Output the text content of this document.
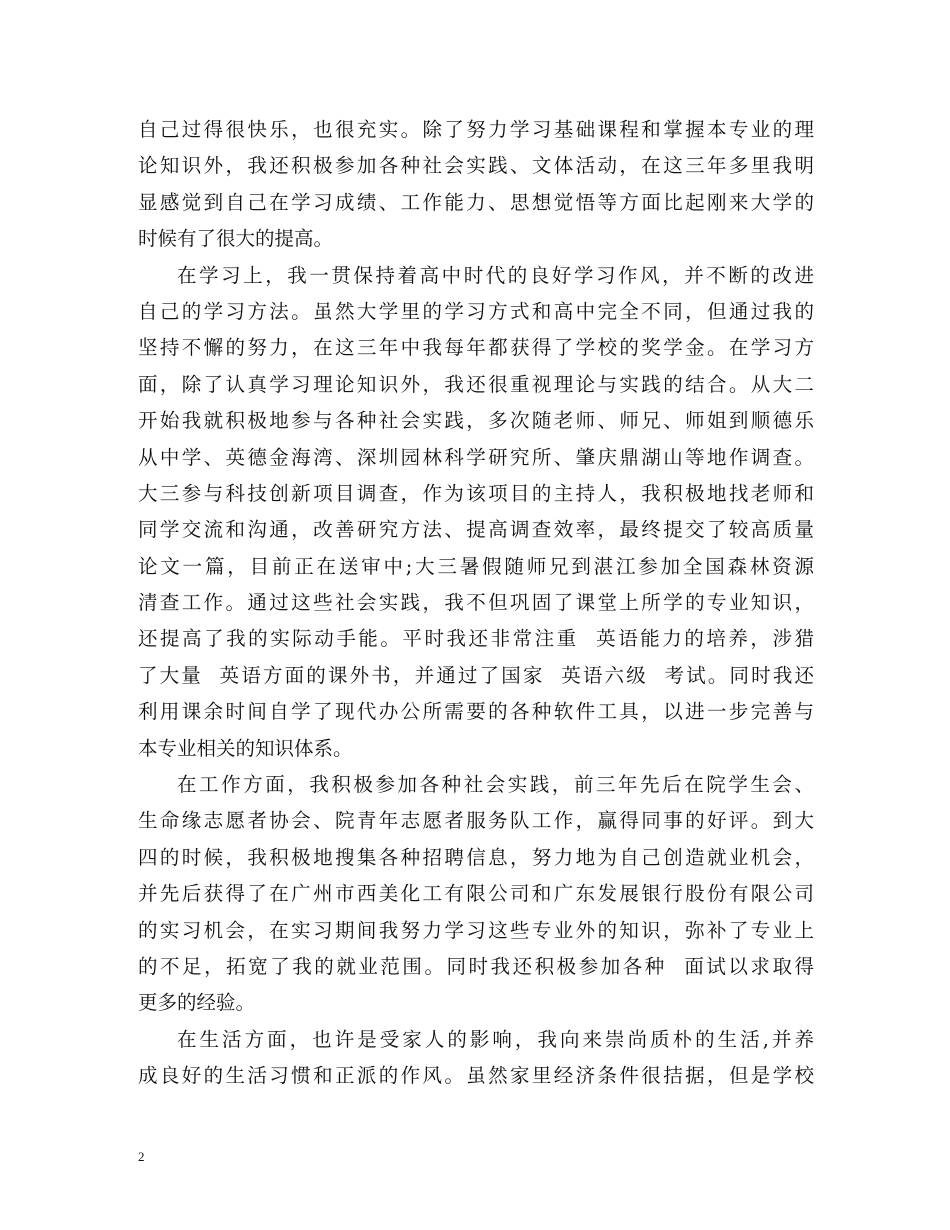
自己过得很快乐，也很充实。除了努力学习基础课程和掌握本专业的理
论知识外，我还积极参加各种社会实践、文体活动，在这三年多里我明
显感觉到自己在学习成绩、工作能力、思想觉悟等方面比起刚来大学的
时候有了很大的提高。
在学习上，我一贯保持着高中时代的良好学习作风，并不断的改进
自己的学习方法。虽然大学里的学习方式和高中完全不同，但通过我的
坚持不懈的努力，在这三年中我每年都获得了学校的奖学金。在学习方
面，除了认真学习理论知识外，我还很重视理论与实践的结合。从大二
开始我就积极地参与各种社会实践，多次随老师、师兄、师姐到顺德乐
从中学、英德金海湾、深圳园林科学研究所、肇庆鼎湖山等地作调查。
大三参与科技创新项目调查，作为该项目的主持人，我积极地找老师和
同学交流和沟通，改善研究方法、提高调查效率，最终提交了较高质量
论文一篇，目前正在送审中;大三暑假随师兄到湛江参加全国森林资源
清查工作。通过这些社会实践，我不但巩固了课堂上所学的专业知识，
还提高了我的实际动手能。平时我还非常注重  英语能力的培养，涉猎
了大量  英语方面的课外书，并通过了国家  英语六级  考试。同时我还
利用课余时间自学了现代办公所需要的各种软件工具，以进一步完善与
本专业相关的知识体系。
在工作方面，我积极参加各种社会实践，前三年先后在院学生会、
生命缘志愿者协会、院青年志愿者服务队工作，赢得同事的好评。到大
四的时候，我积极地搜集各种招聘信息，努力地为自己创造就业机会，
并先后获得了在广州市西美化工有限公司和广东发展银行股份有限公司
的实习机会，在实习期间我努力学习这些专业外的知识，弥补了专业上
的不足，拓宽了我的就业范围。同时我还积极参加各种  面试以求取得
更多的经验。
在生活方面，也许是受家人的影响，我向来崇尚质朴的生活,并养
成良好的生活习惯和正派的作风。虽然家里经济条件很拮据，但是学校
2
